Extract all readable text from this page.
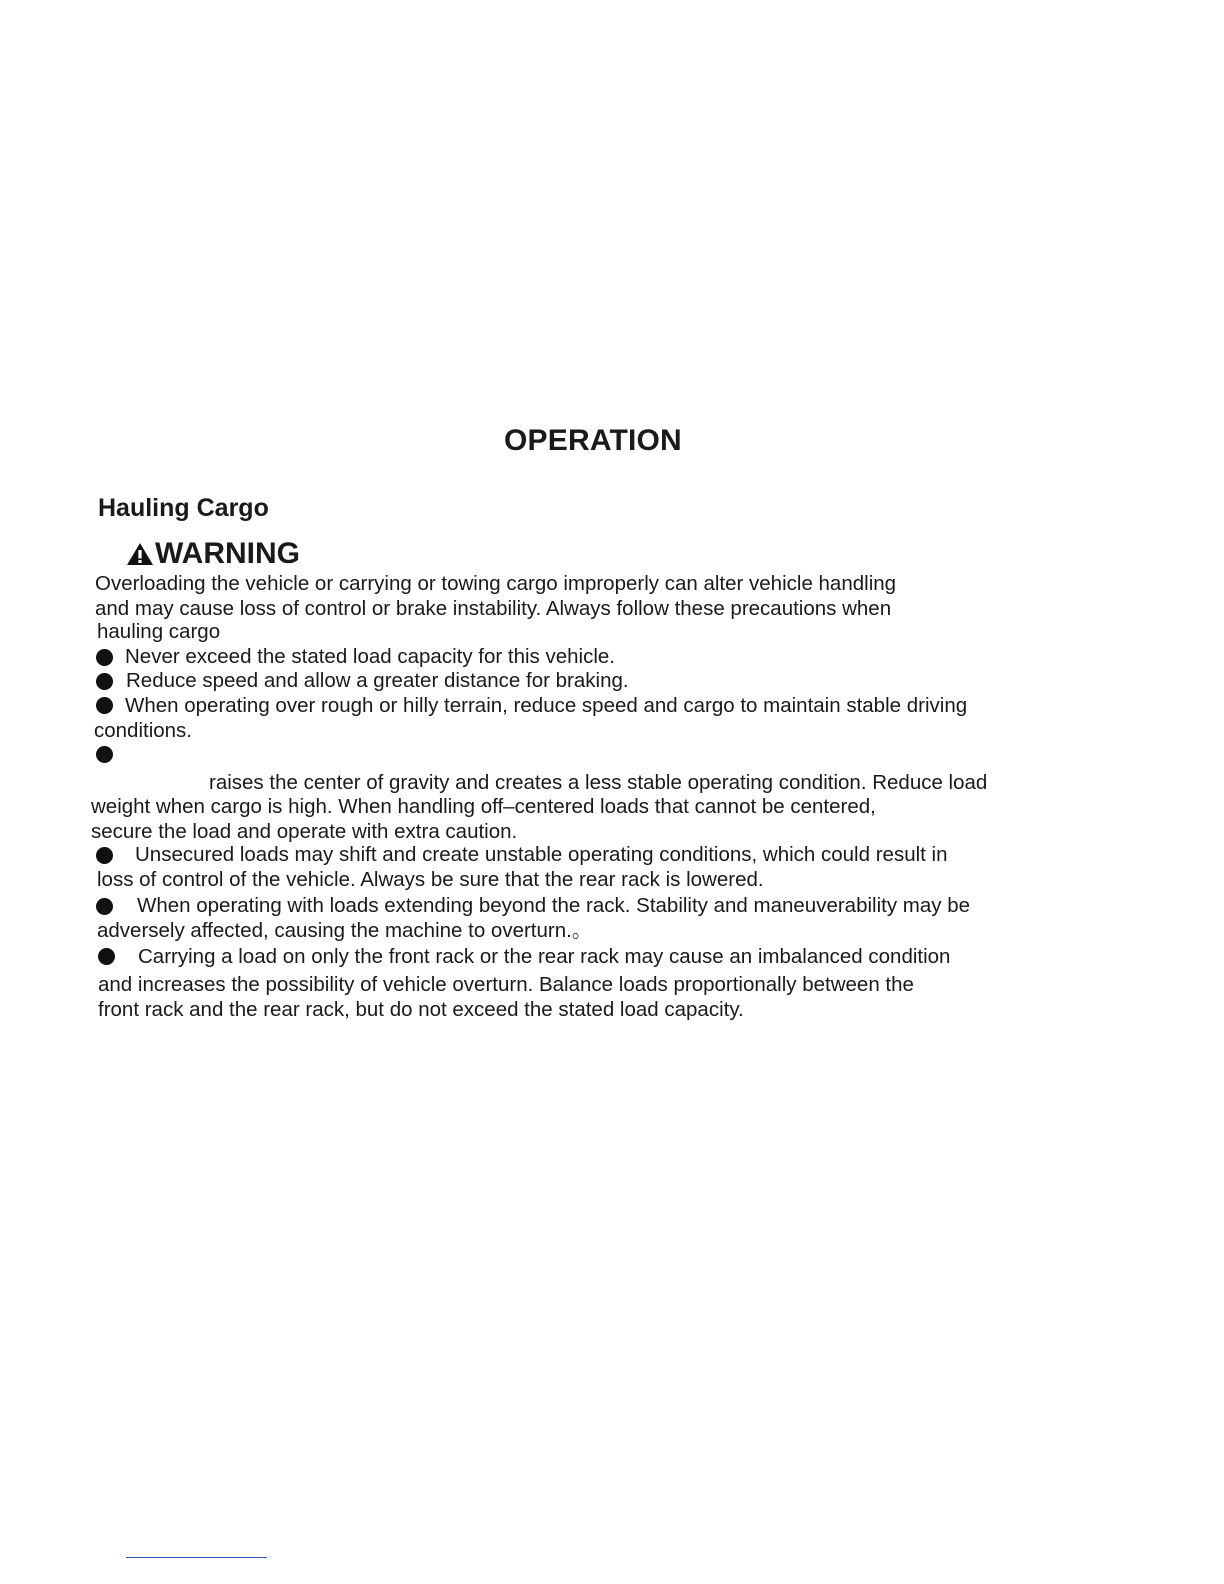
OPERATION
Hauling Cargo
WARNING
Overloading the vehicle or carrying or towing cargo improperly can alter vehicle handling
and may cause loss of control or brake instability. Always follow these precautions when
hauling cargo
Never exceed the stated load capacity for this vehicle.
Reduce speed and allow a greater distance for braking.
When operating over rough or hilly terrain, reduce speed and cargo to maintain stable driving
conditions.
raises the center of gravity and creates a less stable operating condition. Reduce load
weight when cargo is high. When handling off–centered loads that cannot be centered,
secure the load and operate with extra caution.
Unsecured loads may shift and create unstable operating conditions, which could result in
loss of control of the vehicle. Always be sure that the rear rack is lowered.
When operating with loads extending beyond the rack. Stability and maneuverability may be
adversely affected, causing the machine to overturn.。
Carrying a load on only the front rack or the rear rack may cause an imbalanced condition
and increases the possibility of vehicle overturn. Balance loads proportionally between the
front rack and the rear rack, but do not exceed the stated load capacity.
